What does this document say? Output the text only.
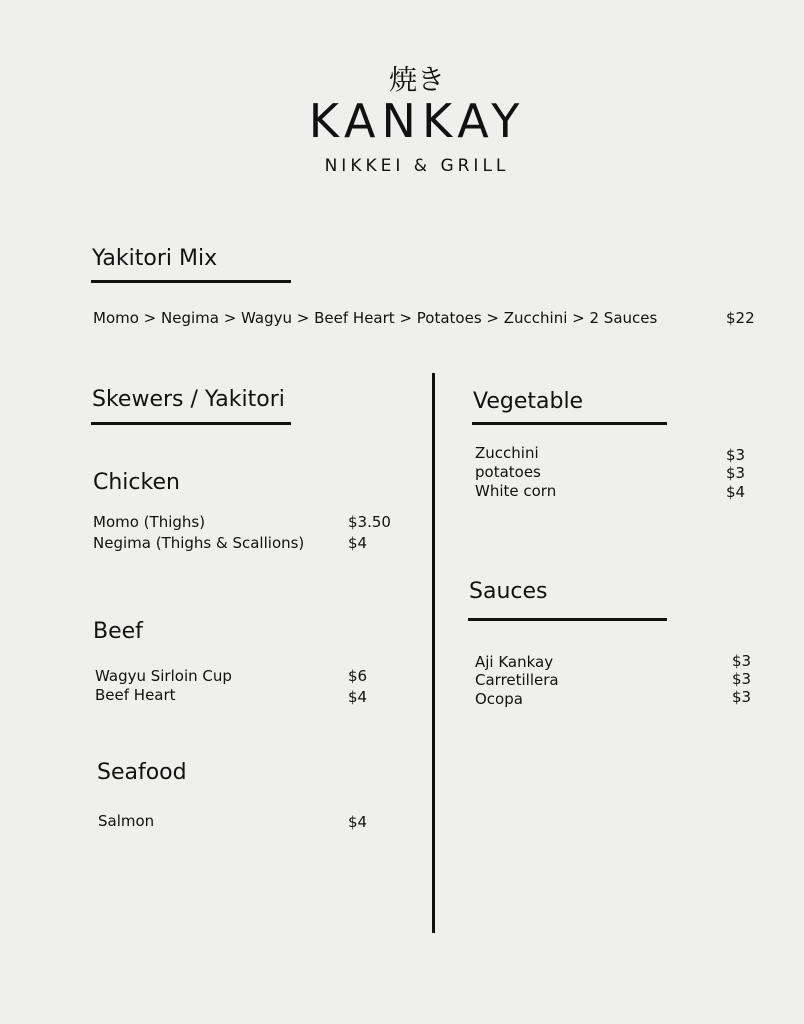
焼き
KANKAY
NIKKEI & GRILL
Yakitori Mix
Momo > Negima > Wagyu > Beef Heart > Potatoes > Zucchini > 2 Sauces	$22
Skewers / Yakitori
Chicken
Momo (Thighs)	$3.50
Negima (Thighs & Scallions)	$4
Beef
Wagyu Sirloin Cup	$6
Beef Heart	$4
Seafood
Salmon	$4
Vegetable
Zucchini	$3
potatoes	$3
White corn	$4
Sauces
Aji Kankay	$3
Carretillera	$3
Ocopa	$3
